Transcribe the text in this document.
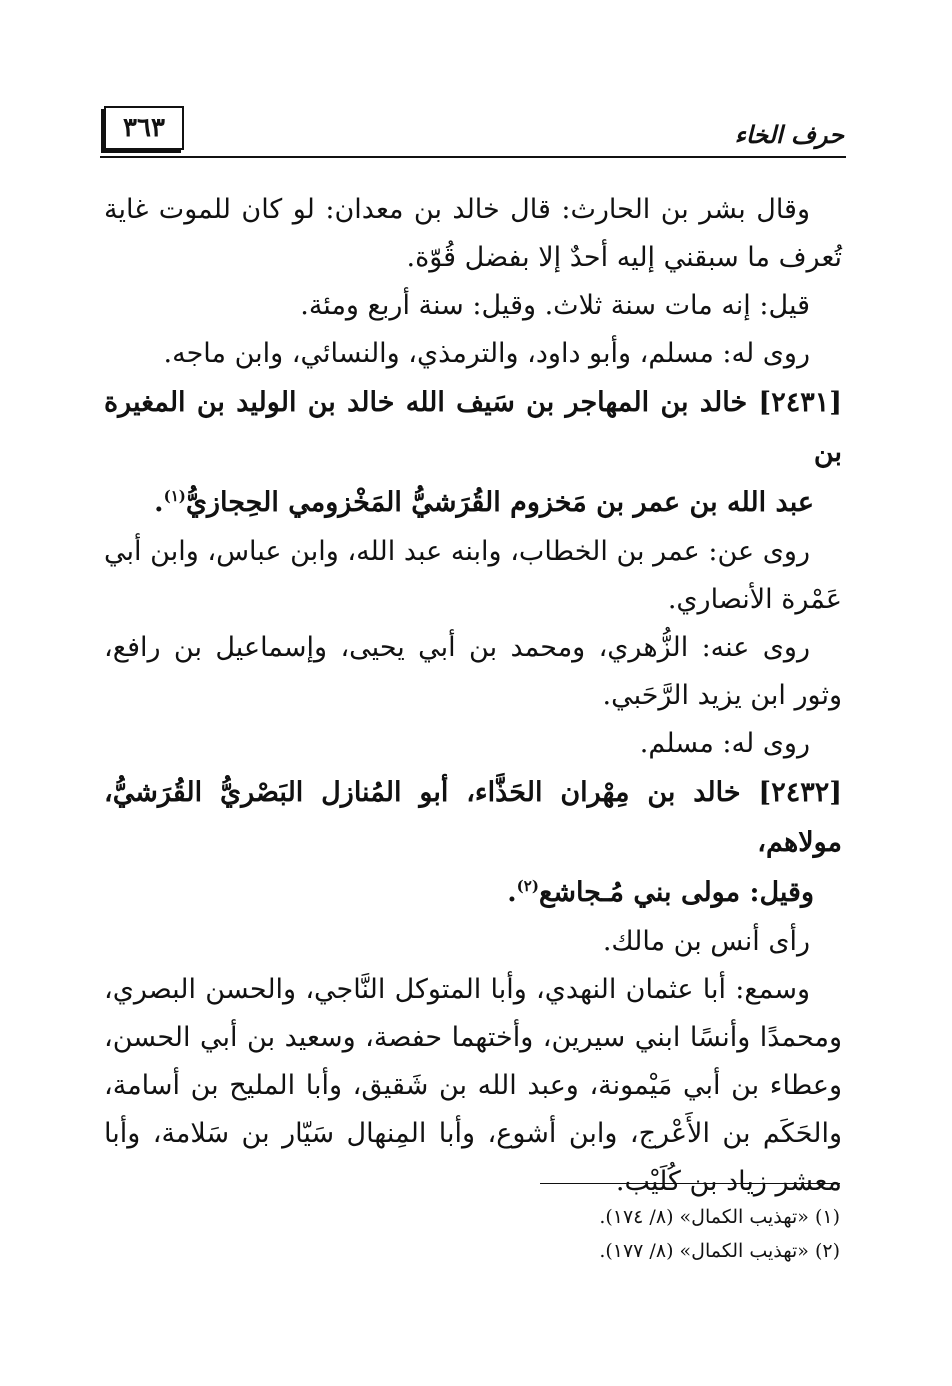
٣٦٣	حرف الخاء

وقال بشر بن الحارث: قال خالد بن معدان: لو كان للموت غاية تُعرف ما سبقني إليه أحدٌ إلا بفضل قُوّة.

قيل: إنه مات سنة ثلاث. وقيل: سنة أربع ومئة.

روى له: مسلم، وأبو داود، والترمذي، والنسائي، وابن ماجه.

[٢٤٣١] خالد بن المهاجر بن سَيف الله خالد بن الوليد بن المغيرة بن
عبد الله بن عمر بن مَخزوم القُرَشيُّ المَخْزومي الحِجازيُّ$^{(١)}$.

روى عن: عمر بن الخطاب، وابنه عبد الله، وابن عباس، وابن أبي عَمْرة الأنصاري.

روى عنه: الزُّهري، ومحمد بن أبي يحيى، وإسماعيل بن رافع، وثور ابن يزيد الرَّحَبي.

روى له: مسلم.

[٢٤٣٢] خالد بن مِهْران الحَذَّاء، أبو المُنازل البَصْريُّ القُرَشيُّ، مولاهم،
وقيل: مولى بني مُـجاشع$^{(٢)}$.

رأى أنس بن مالك.

وسمع: أبا عثمان النهدي، وأبا المتوكل النَّاجي، والحسن البصري، ومحمدًا وأنسًا ابني سيرين، وأختهما حفصة، وسعيد بن أبي الحسن، وعطاء بن أبي مَيْمونة، وعبد الله بن شَقيق، وأبا المليح بن أسامة، والحَكَم بن الأَعْرج، وابن أشوع، وأبا المِنهال سَيّار بن سَلامة، وأبا معشر زياد بن كُلَيْب.

(١) «تهذيب الكمال» (٨/ ١٧٤).
(٢) «تهذيب الكمال» (٨/ ١٧٧).
